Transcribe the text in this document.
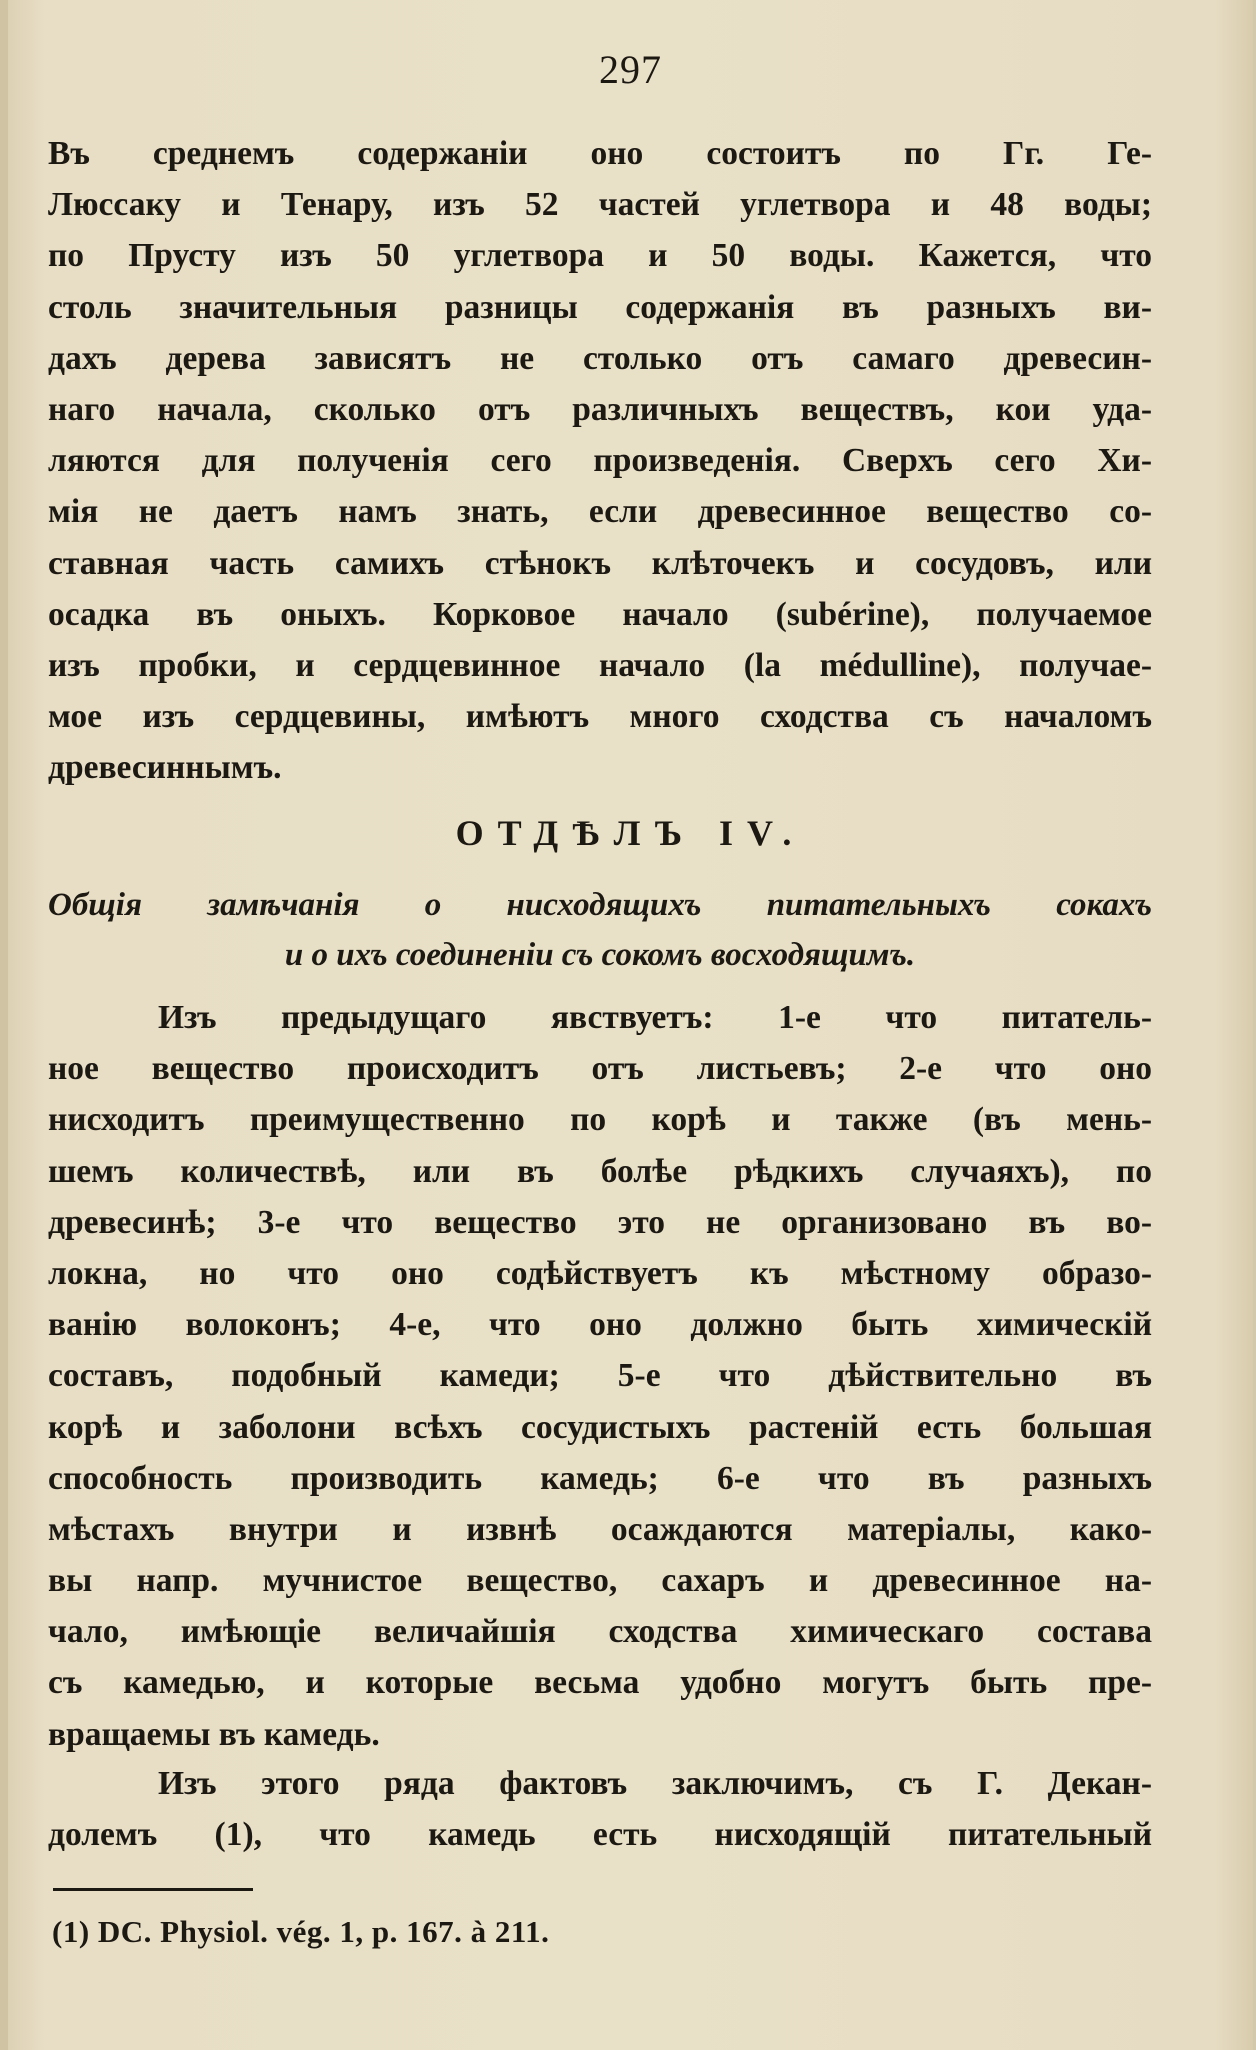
297
Въ среднемъ содержаніи оно состоитъ по Гг. Ге-
Люссаку и Тенару, изъ 52 частей углетвора и 48 воды;
по Прусту изъ 50 углетвора и 50 воды. Кажется, что
столь значительныя разницы содержанія въ разныхъ ви-
дахъ дерева зависятъ не столько отъ самаго древесин-
наго начала, сколько отъ различныхъ веществъ, кои уда-
ляются для полученія сего произведенія. Сверхъ сего Хи-
мія не даетъ намъ знать, если древесинное вещество со-
ставная часть самихъ стѣнокъ клѣточекъ и сосудовъ, или
осадка въ оныхъ. Корковое начало (subérine), получаемое
изъ пробки, и сердцевинное начало (la médulline), получае-
мое изъ сердцевины, имѣютъ много сходства съ началомъ
древесиннымъ.
ОТДѢЛЪ IV.
Общія замѣчанія о нисходящихъ питательныхъ сокахъ
и о ихъ соединеніи съ сокомъ восходящимъ.
Изъ предыдущаго явствуетъ: 1-е что питатель-
ное вещество происходитъ отъ листьевъ; 2-е что оно
нисходитъ преимущественно по корѣ и также (въ мень-
шемъ количествѣ, или въ болѣе рѣдкихъ случаяхъ), по
древесинѣ; 3-е что вещество это не организовано въ во-
локна, но что оно содѣйствуетъ къ мѣстному образо-
ванію волоконъ; 4-е, что оно должно быть химическій
составъ, подобный камеди; 5-е что дѣйствительно въ
корѣ и заболони всѣхъ сосудистыхъ растеній есть большая
способность производить камедь; 6-е что въ разныхъ
мѣстахъ внутри и извнѣ осаждаются матеріалы, како-
вы напр. мучнистое вещество, сахаръ и древесинное на-
чало, имѣющіе величайшія сходства химическаго состава
съ камедью, и которые весьма удобно могутъ быть пре-
вращаемы въ камедь.
Изъ этого ряда фактовъ заключимъ, съ Г. Декан-
долемъ (1), что камедь есть нисходящій питательный
(1) DC. Physiol. vég. 1, p. 167. à 211.
